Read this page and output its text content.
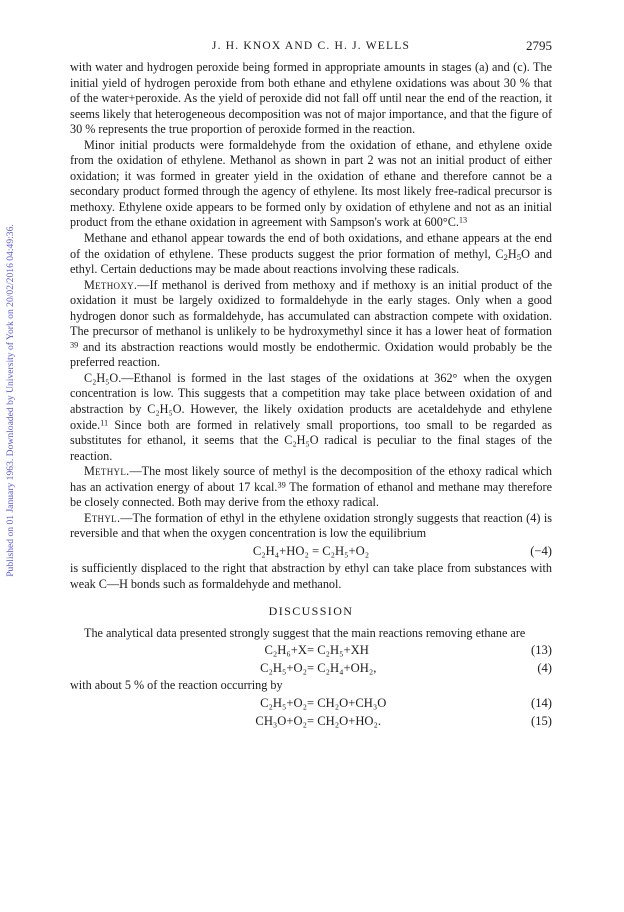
Published on 01 January 1963. Downloaded by University of York on 20/02/2016 04:49:36.
J. H. KNOX AND C. H. J. WELLS	2795

with water and hydrogen peroxide being formed in appropriate amounts in stages (a) and (c). The initial yield of hydrogen peroxide from both ethane and ethylene oxidations was about 30 % that of the water+peroxide. As the yield of peroxide did not fall off until near the end of the reaction, it seems likely that heterogeneous decomposition was not of major importance, and that the figure of 30 % represents the true proportion of peroxide formed in the reaction.

Minor initial products were formaldehyde from the oxidation of ethane, and ethylene oxide from the oxidation of ethylene. Methanol as shown in part 2 was not an initial product of either oxidation; it was formed in greater yield in the oxidation of ethane and therefore cannot be a secondary product formed through the agency of ethylene. Its most likely free-radical precursor is methoxy. Ethylene oxide appears to be formed only by oxidation of ethylene and not as an initial product from the ethane oxidation in agreement with Sampson's work at 600°C.$^{13}$

Methane and ethanol appear towards the end of both oxidations, and ethane appears at the end of the oxidation of ethylene. These products suggest the prior formation of methyl, $C_2H_5O$ and ethyl. Certain deductions may be made about reactions involving these radicals.

Methoxy.—If methanol is derived from methoxy and if methoxy is an initial product of the oxidation it must be largely oxidized to formaldehyde in the early stages. Only when a good hydrogen donor such as formaldehyde, has accumulated can abstraction compete with oxidation. The precursor of methanol is unlikely to be hydroxymethyl since it has a lower heat of formation $^{39}$ and its abstraction reactions would mostly be endothermic. Oxidation would probably be the preferred reaction.

C₂H₅O.—Ethanol is formed in the last stages of the oxidations at 362° when the oxygen concentration is low. This suggests that a competition may take place between oxidation of and abstraction by C₂H₅O. However, the likely oxidation products are acetaldehyde and ethylene oxide.$^{11}$ Since both are formed in relatively small proportions, too small to be regarded as substitutes for ethanol, it seems that the C₂H₅O radical is peculiar to the final stages of the reaction.

Methyl.—The most likely source of methyl is the decomposition of the ethoxy radical which has an activation energy of about 17 kcal.$^{39}$ The formation of ethanol and methane may therefore be closely connected. Both may derive from the ethoxy radical.

Ethyl.—The formation of ethyl in the ethylene oxidation strongly suggests that reaction (4) is reversible and that when the oxygen concentration is low the equilibrium

C₂H₄+HO₂ = C₂H₅+O₂	(−4)

is sufficiently displaced to the right that abstraction by ethyl can take place from substances with weak C—H bonds such as formaldehyde and methanol.

DISCUSSION

The analytical data presented strongly suggest that the main reactions removing ethane are

C₂H₆+X = C₂H₅+XH	(13)
C₂H₅+O₂ = C₂H₄+OH₂,	(4)

with about 5 % of the reaction occurring by

C₂H₅+O₂ = CH₂O+CH₃O	(14)
CH₃O+O₂ = CH₂O+HO₂.	(15)
